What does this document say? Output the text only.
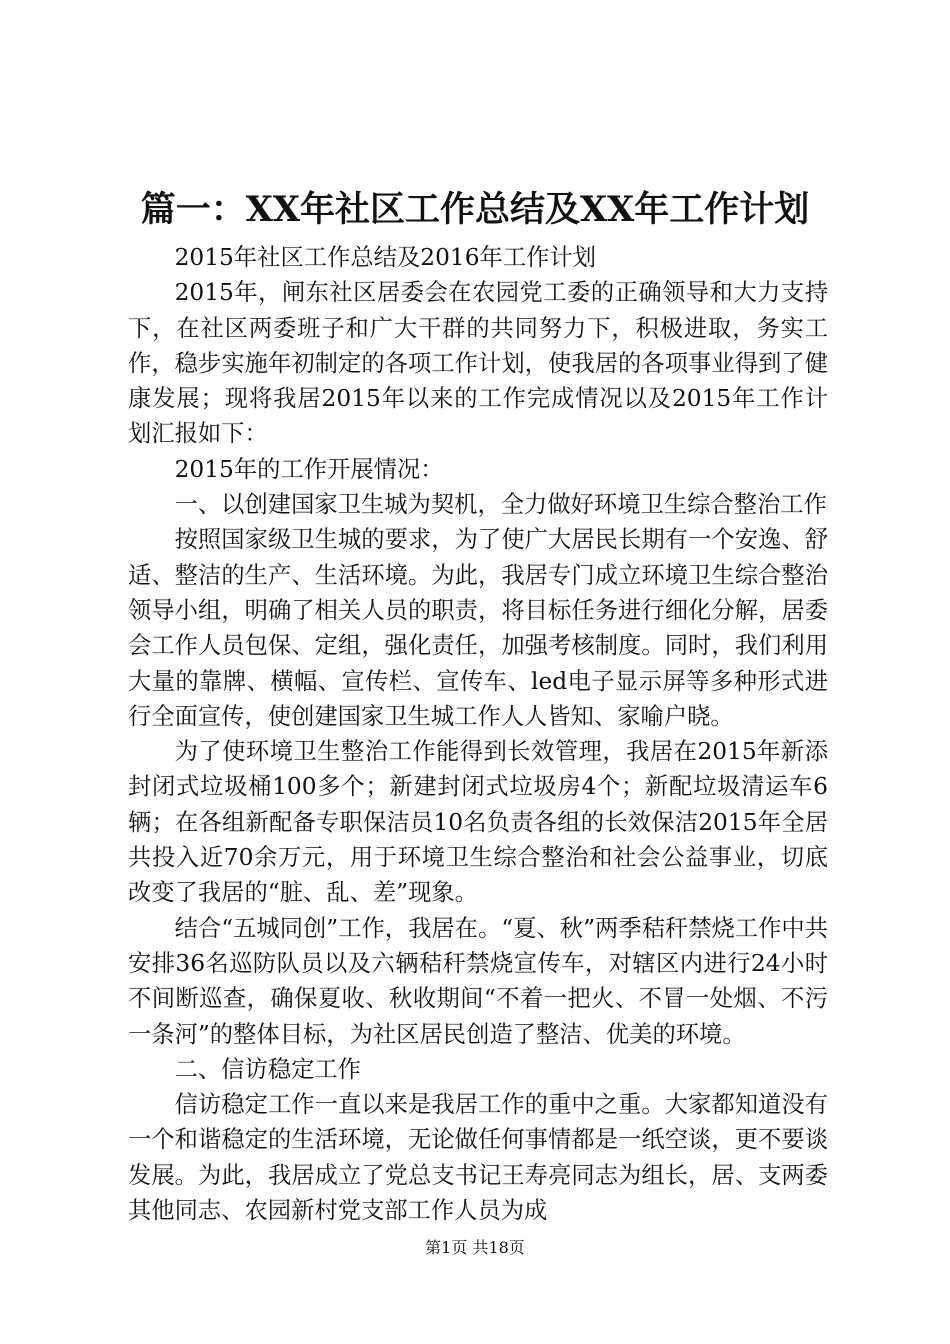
篇一：XX年社区工作总结及XX年工作计划

2015年社区工作总结及2016年工作计划

2015年，闸东社区居委会在农园党工委的正确领导和大力支持下，在社区两委班子和广大干群的共同努力下，积极进取，务实工作，稳步实施年初制定的各项工作计划，使我居的各项事业得到了健康发展；现将我居2015年以来的工作完成情况以及2015年工作计划汇报如下：

2015年的工作开展情况：

一、以创建国家卫生城为契机，全力做好环境卫生综合整治工作

按照国家级卫生城的要求，为了使广大居民长期有一个安逸、舒适、整洁的生产、生活环境。为此，我居专门成立环境卫生综合整治领导小组，明确了相关人员的职责，将目标任务进行细化分解，居委会工作人员包保、定组，强化责任，加强考核制度。同时，我们利用大量的靠牌、横幅、宣传栏、宣传车、led电子显示屏等多种形式进行全面宣传，使创建国家卫生城工作人人皆知、家喻户晓。

为了使环境卫生整治工作能得到长效管理，我居在2015年新添封闭式垃圾桶100多个；新建封闭式垃圾房4个；新配垃圾清运车6辆；在各组新配备专职保洁员10名负责各组的长效保洁2015年全居共投入近70余万元，用于环境卫生综合整治和社会公益事业，切底改变了我居的“脏、乱、差”现象。

结合“五城同创”工作，我居在。“夏、秋”两季秸秆禁烧工作中共安排36名巡防队员以及六辆秸秆禁烧宣传车，对辖区内进行24小时不间断巡查，确保夏收、秋收期间“不着一把火、不冒一处烟、不污一条河”的整体目标，为社区居民创造了整洁、优美的环境。

二、信访稳定工作

信访稳定工作一直以来是我居工作的重中之重。大家都知道没有一个和谐稳定的生活环境，无论做任何事情都是一纸空谈，更不要谈发展。为此，我居成立了党总支书记王寿亮同志为组长，居、支两委其他同志、农园新村党支部工作人员为成

第1页 共18页
